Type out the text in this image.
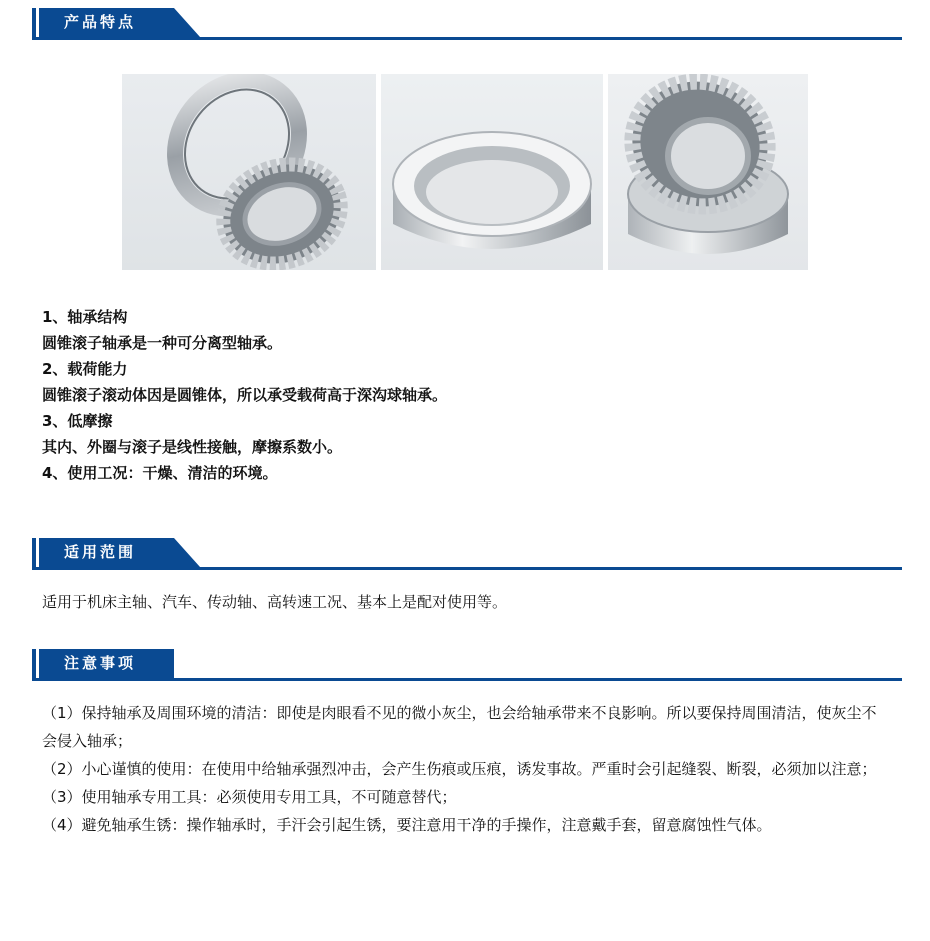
产品特点

1、轴承结构

圆锥滚子轴承是一种可分离型轴承。

2、载荷能力

圆锥滚子滚动体因是圆锥体，所以承受载荷高于深沟球轴承。

3、低摩擦

其内、外圈与滚子是线性接触，摩擦系数小。

4、使用工况：干燥、清洁的环境。

适用范围

适用于机床主轴、汽车、传动轴、高转速工况、基本上是配对使用等。

注意事项

（1）保持轴承及周围环境的清洁：即使是肉眼看不见的微小灰尘，也会给轴承带来不良影响。所以要保持周围清洁，使灰尘不会侵入轴承；

（2）小心谨慎的使用：在使用中给轴承强烈冲击，会产生伤痕或压痕，诱发事故。严重时会引起缝裂、断裂，必须加以注意；

（3）使用轴承专用工具：必须使用专用工具，不可随意替代；

（4）避免轴承生锈：操作轴承时，手汗会引起生锈，要注意用干净的手操作，注意戴手套，留意腐蚀性气体。
